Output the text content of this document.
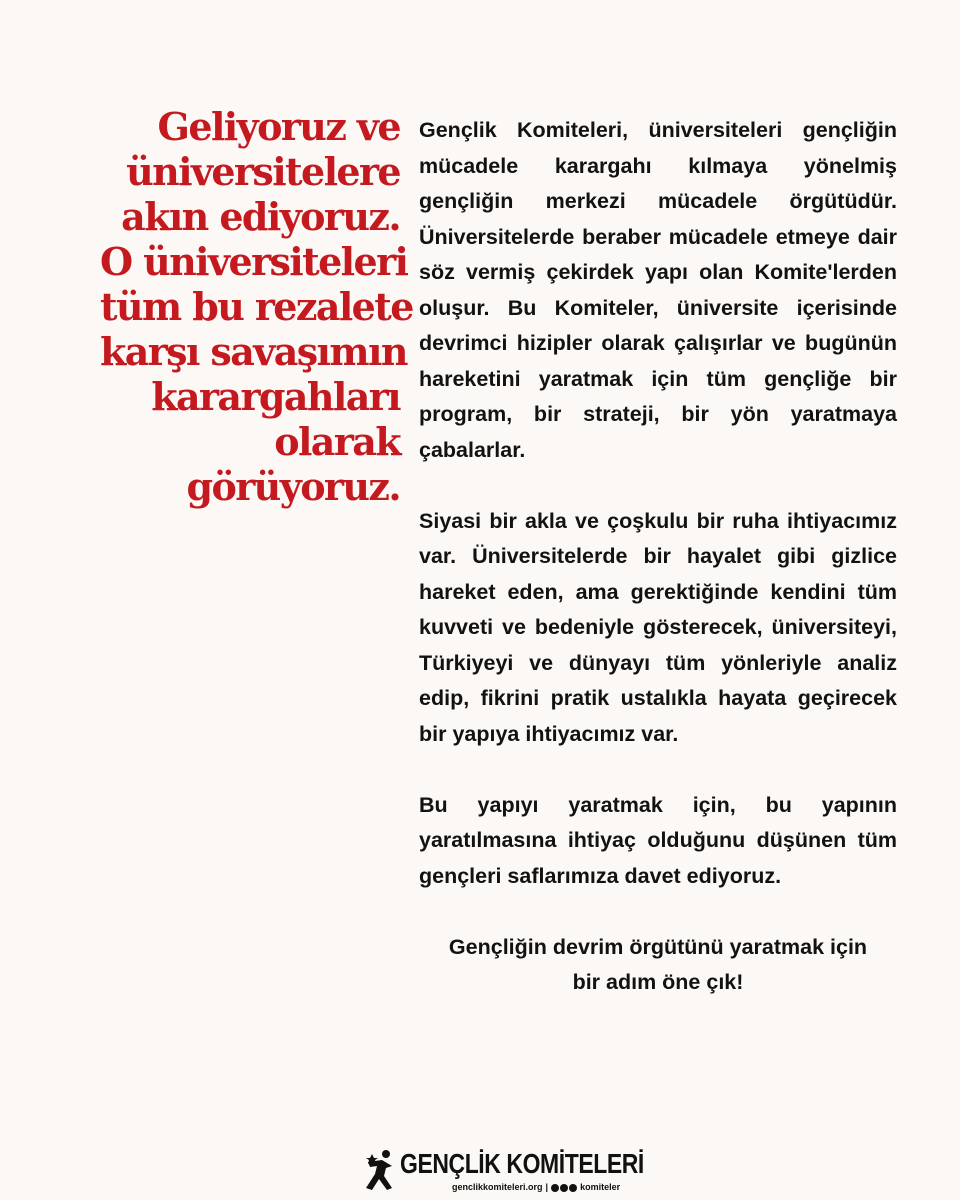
Geliyoruz ve
üniversitelere
akın ediyoruz.
O üniversiteleri
tüm bu rezalete
karşı savaşımın
karargahları
olarak
görüyoruz.

Gençlik Komiteleri, üniversiteleri gençliğin mücadele karargahı kılmaya yönelmiş gençliğin merkezi mücadele örgütüdür. Üniversitelerde beraber mücadele etmeye dair söz vermiş çekirdek yapı olan Komite'lerden oluşur. Bu Komiteler, üniversite içerisinde devrimci hizipler olarak çalışırlar ve bugünün hareketini yaratmak için tüm gençliğe bir program, bir strateji, bir yön yaratmaya çabalarlar.

Siyasi bir akla ve çoşkulu bir ruha ihtiyacımız var. Üniversitelerde bir hayalet gibi gizlice hareket eden, ama gerektiğinde kendini tüm kuvveti ve bedeniyle gösterecek, üniversiteyi, Türkiyeyi ve dünyayı tüm yönleriyle analiz edip, fikrini pratik ustalıkla hayata geçirecek bir yapıya ihtiyacımız var.

Bu yapıyı yaratmak için, bu yapının yaratılmasına ihtiyaç olduğunu düşünen tüm gençleri saflarımıza davet ediyoruz.

Gençliğin devrim örgütünü yaratmak için
bir adım öne çık!

GENÇLİK KOMİTELERİ
genclikkomiteleri.org |	komiteler
